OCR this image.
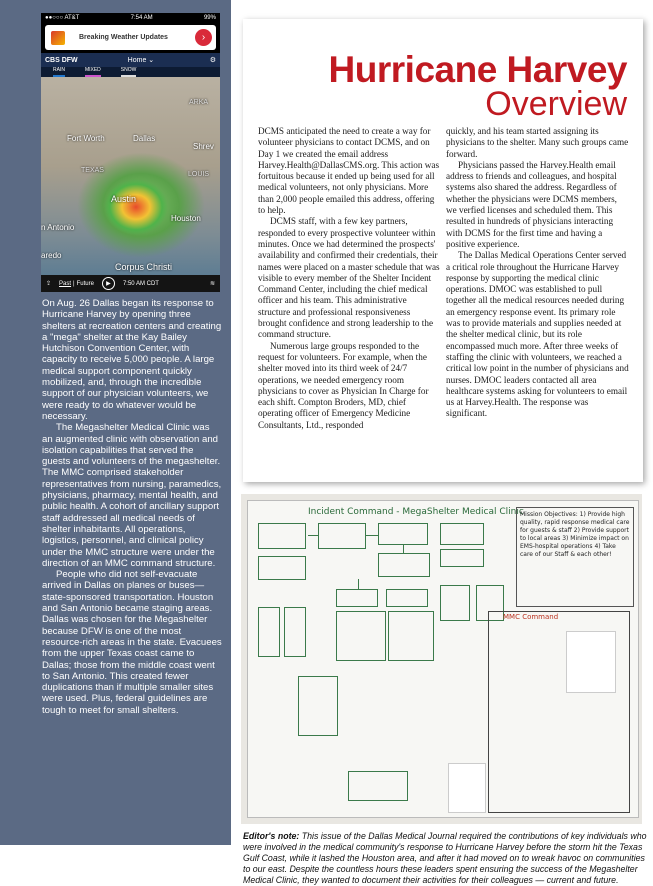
●●○○○ AT&T	7:54 AM	99%
Breaking Weather Updates	›
CBS DFW	Home ⌄	⚙
RAIN	MIXED	SNOW
ARKA
Fort Worth	Dallas
Shrev
TEXAS
LOUIS
Austin
Houston
n Antonio
aredo
Corpus Christi
⇪ Past | Future	▶	7:50 AM CDT	≋

On Aug. 26 Dallas began its response to Hurricane Harvey by opening three shelters at recreation centers and creating a "mega" shelter at the Kay Bailey Hutchison Convention Center, with capacity to receive 5,000 people. A large medical support component quickly mobilized, and, through the incredible support of our physician volunteers, we were ready to do whatever would be necessary.

The Megashelter Medical Clinic was an augmented clinic with observation and isolation capabilities that served the guests and volunteers of the megashelter. The MMC comprised stakeholder representatives from nursing, paramedics, physicians, pharmacy, mental health, and public health. A cohort of ancillary support staff addressed all medical needs of shelter inhabitants. All operations, logistics, personnel, and clinical policy under the MMC structure were under the direction of an MMC command structure.

People who did not self-evacuate arrived in Dallas on planes or buses—state-sponsored transportation. Houston and San Antonio became staging areas. Dallas was chosen for the Megashelter because DFW is one of the most resource-rich areas in the state. Evacuees from the upper Texas coast came to Dallas; those from the middle coast went to San Antonio. This created fewer duplications than if multiple smaller sites were used. Plus, federal guidelines are tough to meet for small shelters.

Hurricane Harvey
Overview

DCMS anticipated the need to create a way for volunteer physicians to contact DCMS, and on Day 1 we created the email address Harvey.Health@DallasCMS.org. This action was fortuitous because it ended up being used for all medical volunteers, not only physicians. More than 2,000 people emailed this address, offering to help.

DCMS staff, with a few key partners, responded to every prospective volunteer within minutes. Once we had determined the prospects' availability and confirmed their credentials, their names were placed on a master schedule that was visible to every member of the Shelter Incident Command Center, including the chief medical officer and his team. This administrative structure and professional responsiveness brought confidence and strong leadership to the command structure.

Numerous large groups responded to the request for volunteers. For example, when the shelter moved into its third week of 24/7 operations, we needed emergency room physicians to cover as Physician In Charge for each shift. Compton Broders, MD, chief operating officer of Emergency Medicine Consultants, Ltd., responded

quickly, and his team started assigning its physicians to the shelter. Many such groups came forward.

Physicians passed the Harvey.Health email address to friends and colleagues, and hospital systems also shared the address. Regardless of whether the physicians were DCMS members, we verfied licenses and scheduled them. This resulted in hundreds of physicians interacting with DCMS for the first time and having a positive experience.

The Dallas Medical Operations Center served a critical role throughout the Hurricane Harvey response by supporting the medical clinic operations. DMOC was established to pull together all the medical resources needed during an emergency response event. Its primary role was to provide materials and supplies needed at the shelter medical clinic, but its role encompassed much more. After three weeks of staffing the clinic with volunteers, we reached a critical low point in the number of physicians and nurses. DMOC leaders contacted all area healthcare systems asking for volunteers to email us at Harvey.Health. The response was significant.

Incident Command - MegaShelter Medical Clinic
Mission Objectives: 1) Provide high quality, rapid response medical care for guests & staff 2) Provide support to local areas 3) Minimize impact on EMS-hospital operations 4) Take care of our Staff & each other!
MMC Command
Editor's note: This issue of the Dallas Medical Journal required the contributions of key individuals who were involved in the medical community's response to Hurricane Harvey before the storm hit the Texas Gulf Coast, while it lashed the Houston area, and after it had moved on to wreak havoc on communities to our east. Despite the countless hours these leaders spent ensuring the success of the Megashelter Medical Clinic, they wanted to document their activities for their colleagues — current and future.
